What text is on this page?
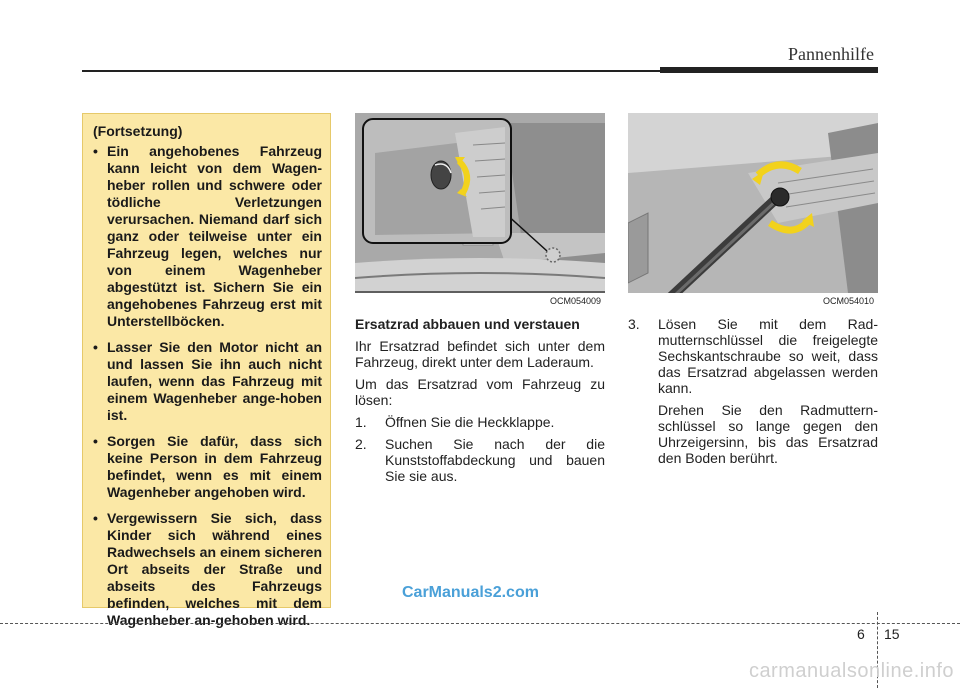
Pannenhilfe
(Fortsetzung)
• Ein angehobenes Fahrzeug kann leicht von dem Wagen-heber rollen und schwere oder tödliche Verletzungen verursachen. Niemand darf sich ganz oder teilweise unter ein Fahrzeug legen, welches nur von einem Wagenheber abgestützt ist. Sichern Sie ein angehobenes Fahrzeug erst mit Unterstellböcken.
• Lasser Sie den Motor nicht an und lassen Sie ihn auch nicht laufen, wenn das Fahrzeug mit einem Wagenheber ange-hoben ist.
• Sorgen Sie dafür, dass sich keine Person in dem Fahrzeug befindet, wenn es mit einem Wagenheber angehoben wird.
• Vergewissern Sie sich, dass Kinder sich während eines Radwechsels an einem sicheren Ort abseits der Straße und abseits des Fahrzeugs befinden, welches mit dem Wagenheber an-gehoben wird.
OCM054009	OCM054010
Ersatzrad abbauen und verstauen

Ihr Ersatzrad befindet sich unter dem Fahrzeug, direkt unter dem Laderaum.

Um das Ersatzrad vom Fahrzeug zu lösen:

1. Öffnen Sie die Heckklappe.
2. Suchen Sie nach der die Kunststoffabdeckung und bauen Sie sie aus.
3. Lösen Sie mit dem Rad-mutternschlüssel die freigelegte Sechskantschraube so weit, dass das Ersatzrad abgelassen werden kann.
Drehen Sie den Radmuttern-schlüssel so lange gegen den Uhrzeigersinn, bis das Ersatzrad den Boden berührt.
CarManuals2.com
6 15
carmanualsonline.info
